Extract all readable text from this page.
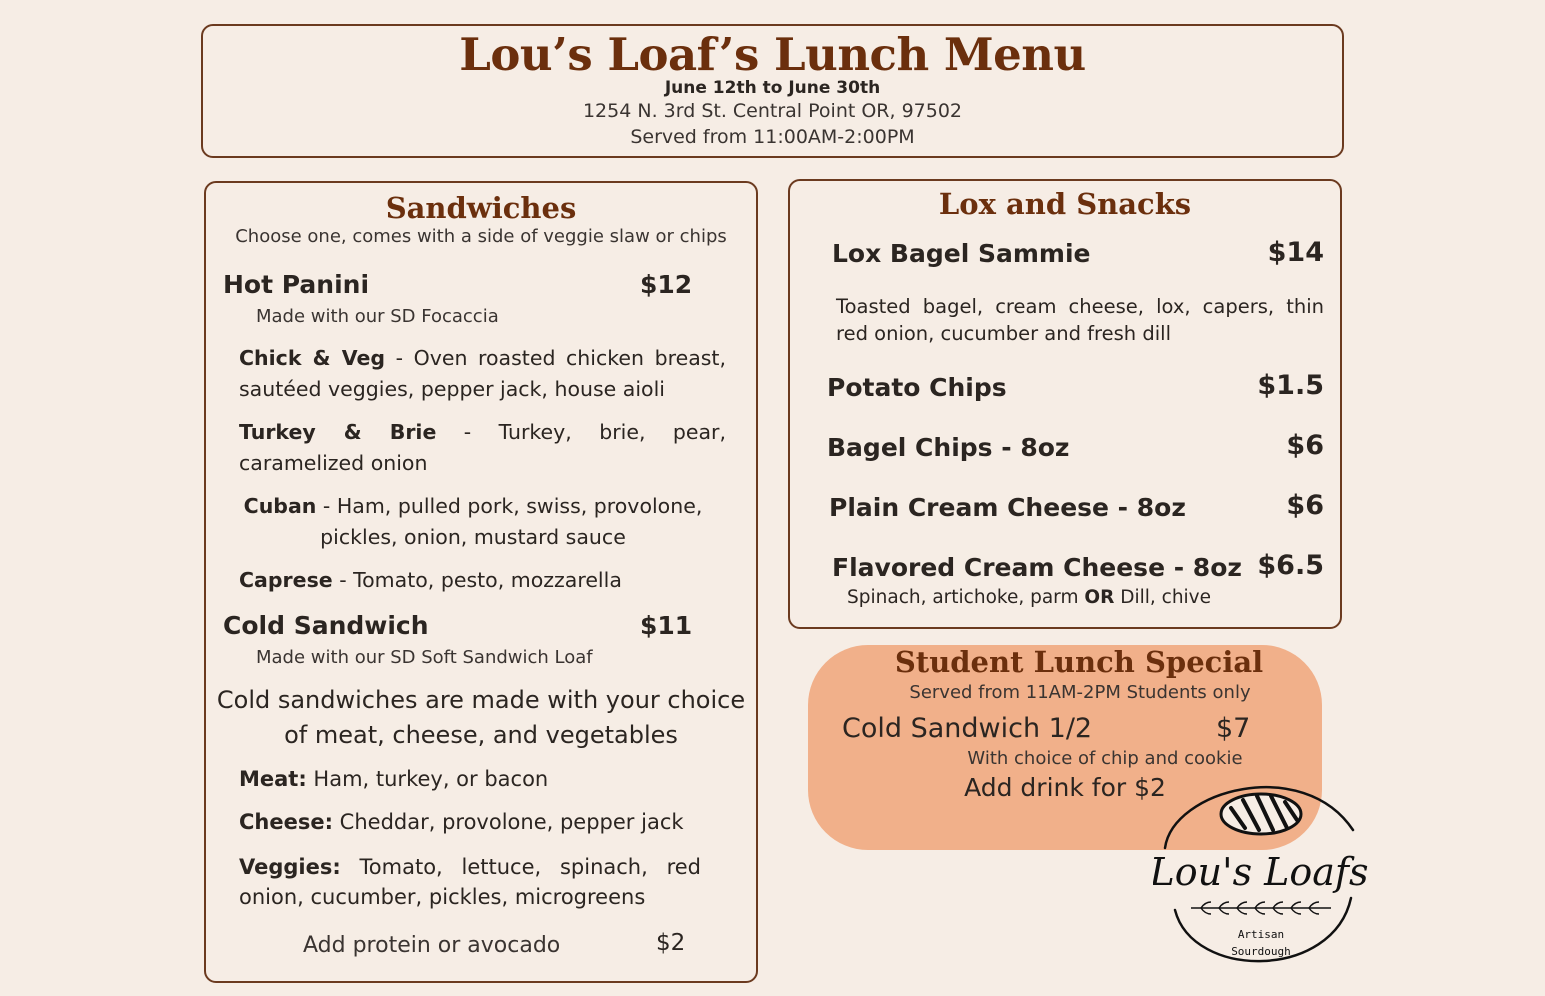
Lou’s Loaf’s Lunch Menu
June 12th to June 30th
1254 N. 3rd St. Central Point OR, 97502
Served from 11:00AM-2:00PM
Sandwiches
Choose one, comes with a side of veggie slaw or chips
Hot Panini	$12
Made with our SD Focaccia
Chick & Veg - Oven roasted chicken breast, sautéed veggies, pepper jack, house aioli
Turkey & Brie - Turkey, brie, pear, caramelized onion
Cuban - Ham, pulled pork, swiss, provolone, pickles, onion, mustard sauce
Caprese - Tomato, pesto, mozzarella
Cold Sandwich	$11
Made with our SD Soft Sandwich Loaf
Cold sandwiches are made with your choice of meat, cheese, and vegetables
Meat: Ham, turkey, or bacon
Cheese: Cheddar, provolone, pepper jack
Veggies: Tomato, lettuce, spinach, red onion, cucumber, pickles, microgreens
Add protein or avocado	$2
Lox and Snacks
Lox Bagel Sammie	$14
Toasted bagel, cream cheese, lox, capers, thin red onion, cucumber and fresh dill
Potato Chips	$1.5
Bagel Chips - 8oz	$6
Plain Cream Cheese - 8oz	$6
Flavored Cream Cheese - 8oz $6.5
Spinach, artichoke, parm OR Dill, chive
Student Lunch Special
Served from 11AM-2PM Students only
Cold Sandwich 1/2	$7
With choice of chip and cookie
Add drink for $2
Lou's Loafs
Artisan
Sourdough
